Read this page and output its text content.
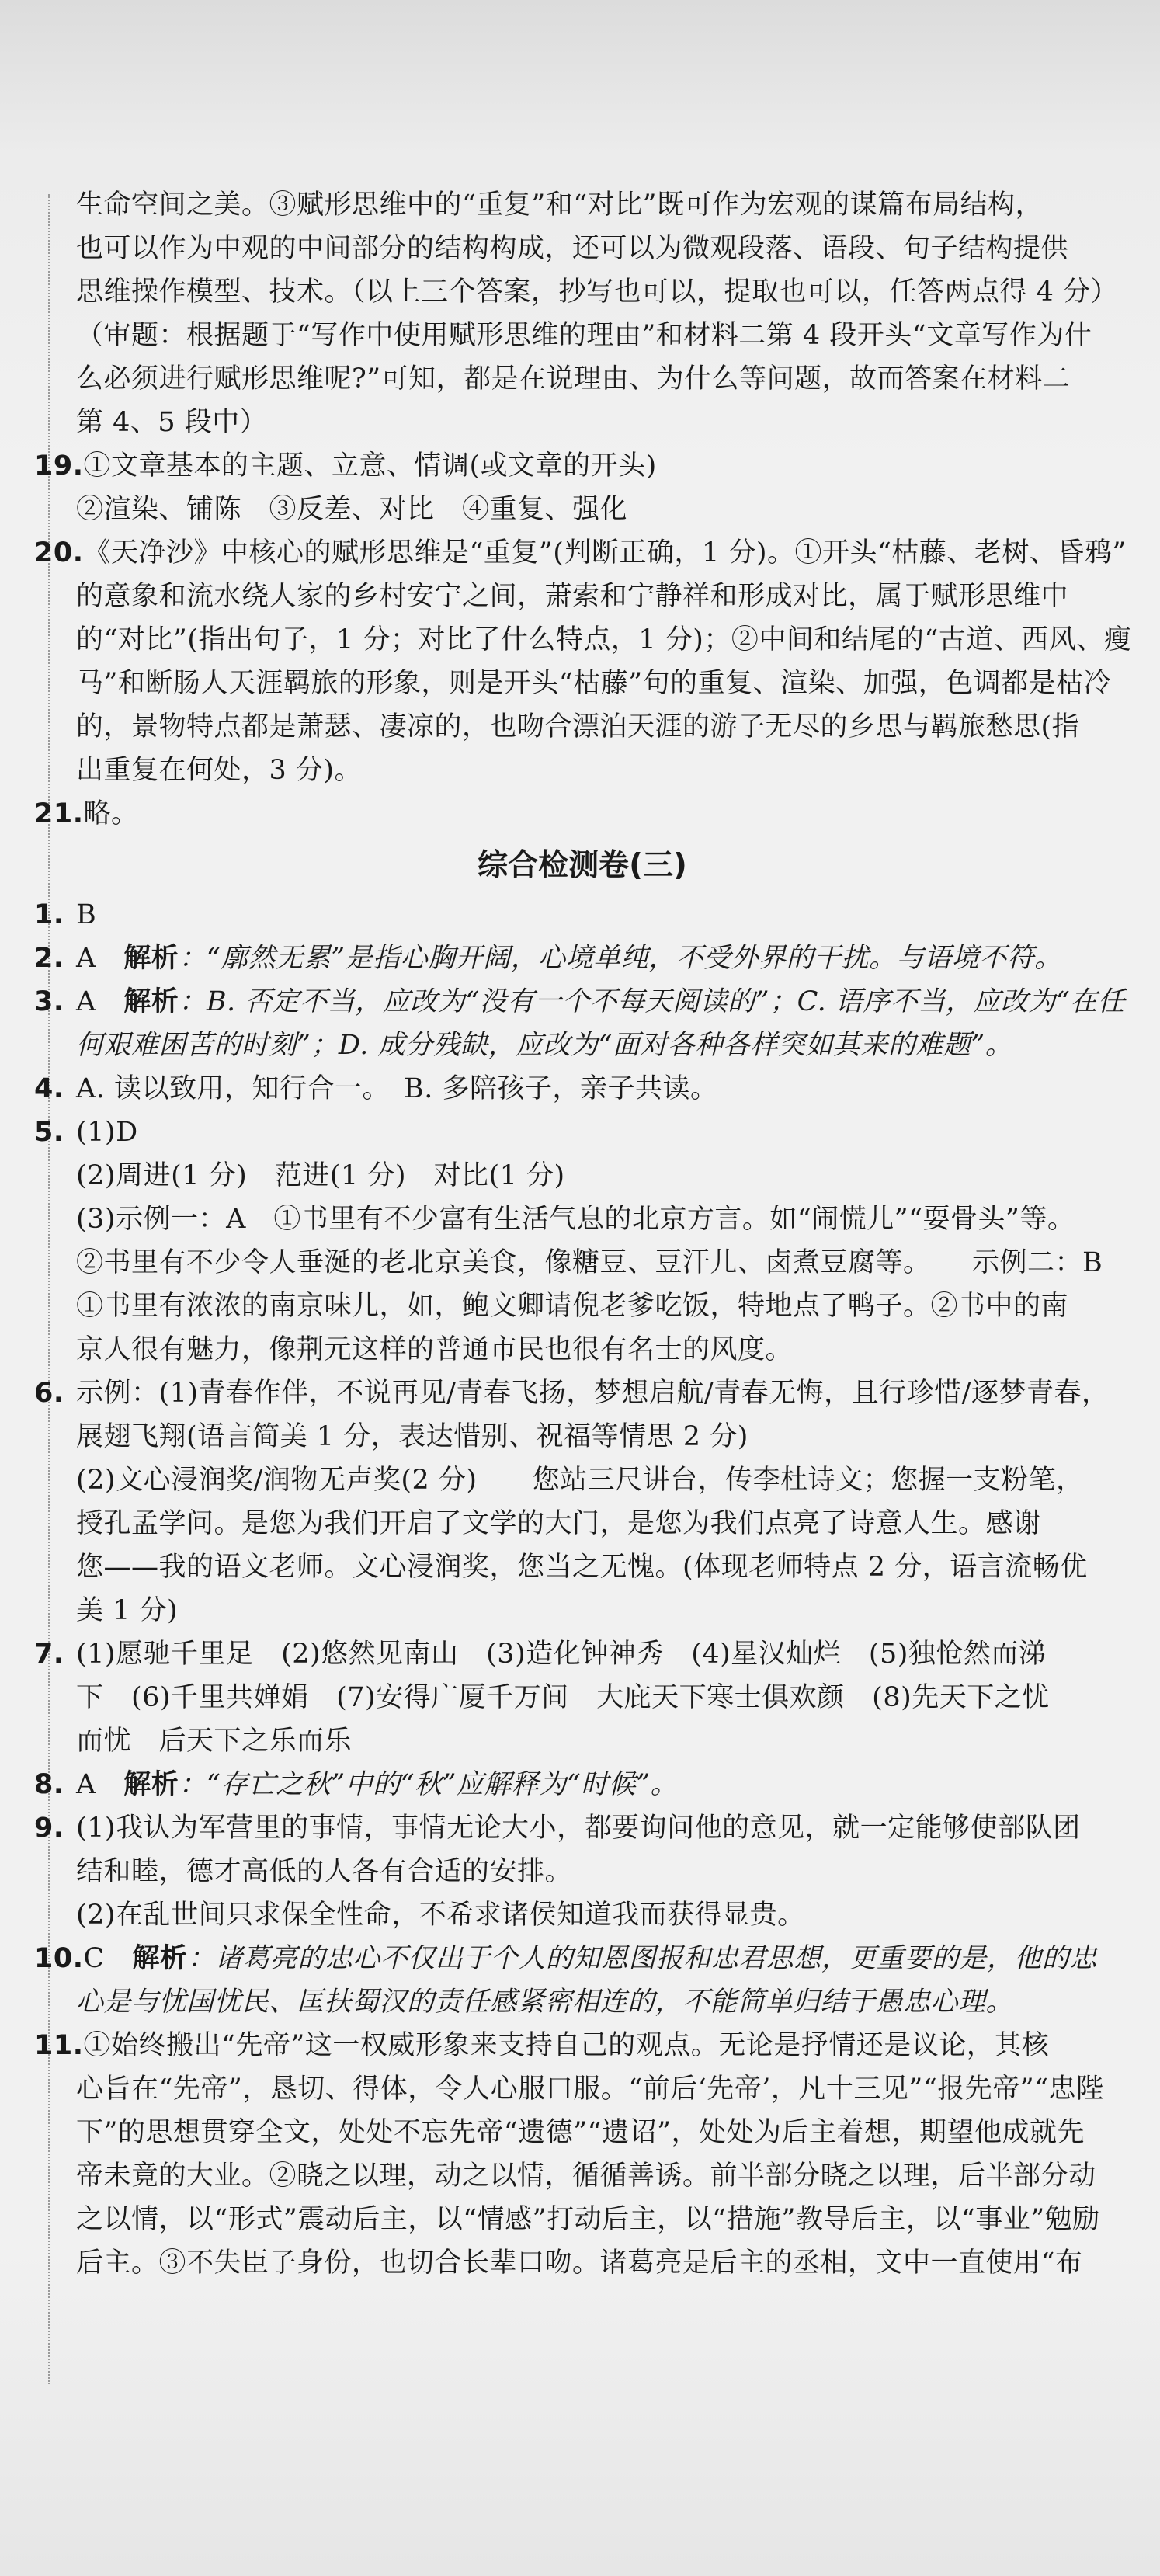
生命空间之美。③赋形思维中的“重复”和“对比”既可作为宏观的谋篇布局结构，
也可以作为中观的中间部分的结构构成，还可以为微观段落、语段、句子结构提供
思维操作模型、技术。（以上三个答案，抄写也可以，提取也可以，任答两点得 4 分）
（审题：根据题于“写作中使用赋形思维的理由”和材料二第 4 段开头“文章写作为什
么必须进行赋形思维呢?”可知，都是在说理由、为什么等问题，故而答案在材料二
第 4、5 段中）
19.①文章基本的主题、立意、情调(或文章的开头)
②渲染、铺陈　③反差、对比　④重复、强化
20.《天净沙》中核心的赋形思维是“重复”(判断正确，1 分)。①开头“枯藤、老树、昏鸦”
的意象和流水绕人家的乡村安宁之间，萧索和宁静祥和形成对比，属于赋形思维中
的“对比”(指出句子，1 分；对比了什么特点，1 分)；②中间和结尾的“古道、西风、瘦
马”和断肠人天涯羁旅的形象，则是开头“枯藤”句的重复、渲染、加强，色调都是枯冷
的，景物特点都是萧瑟、凄凉的，也吻合漂泊天涯的游子无尽的乡思与羁旅愁思(指
出重复在何处，3 分)。
21.略。
综合检测卷(三)
1. B
2. A　 解析：“廓然无累”是指心胸开阔，心境单纯，不受外界的干扰。与语境不符。
3. A　 解析：B. 否定不当，应改为“没有一个不每天阅读的”；C. 语序不当，应改为“在任
何艰难困苦的时刻”；D. 成分残缺，应改为“面对各种各样突如其来的难题”。
4. A. 读以致用，知行合一。　B. 多陪孩子，亲子共读。
5. (1)D
(2)周进(1 分)　范进(1 分)　对比(1 分)
(3)示例一：A　①书里有不少富有生活气息的北京方言。如“闹慌儿”“耍骨头”等。
②书里有不少令人垂涎的老北京美食，像糖豆、豆汗儿、卤煮豆腐等。　　示例二：B
①书里有浓浓的南京味儿，如，鲍文卿请倪老爹吃饭，特地点了鸭子。②书中的南
京人很有魅力，像荆元这样的普通市民也很有名士的风度。
6. 示例：(1)青春作伴，不说再见/青春飞扬，梦想启航/青春无悔，且行珍惜/逐梦青春，
展翅飞翔(语言简美 1 分，表达惜别、祝福等情思 2 分)
(2)文心浸润奖/润物无声奖(2 分)　　您站三尺讲台，传李杜诗文；您握一支粉笔，
授孔孟学问。是您为我们开启了文学的大门，是您为我们点亮了诗意人生。感谢
您——我的语文老师。文心浸润奖，您当之无愧。(体现老师特点 2 分，语言流畅优
美 1 分)
7. (1)愿驰千里足　(2)悠然见南山　(3)造化钟神秀　(4)星汉灿烂　(5)独怆然而涕
下　(6)千里共婵娟　(7)安得广厦千万间　大庇天下寒士俱欢颜　(8)先天下之忧
而忧　后天下之乐而乐
8. A　 解析：“存亡之秋”中的“秋”应解释为“时候”。
9. (1)我认为军营里的事情，事情无论大小，都要询问他的意见，就一定能够使部队团
结和睦，德才高低的人各有合适的安排。
(2)在乱世间只求保全性命，不希求诸侯知道我而获得显贵。
10.C　 解析：诸葛亮的忠心不仅出于个人的知恩图报和忠君思想，更重要的是，他的忠
心是与忧国忧民、匡扶蜀汉的责任感紧密相连的，不能简单归结于愚忠心理。
11.①始终搬出“先帝”这一权威形象来支持自己的观点。无论是抒情还是议论，其核
心旨在“先帝”，恳切、得体，令人心服口服。“前后‘先帝’，凡十三见”“报先帝”“忠陛
下”的思想贯穿全文，处处不忘先帝“遗德”“遗诏”，处处为后主着想，期望他成就先
帝未竟的大业。②晓之以理，动之以情，循循善诱。前半部分晓之以理，后半部分动
之以情，以“形式”震动后主，以“情感”打动后主，以“措施”教导后主，以“事业”勉励
后主。③不失臣子身份，也切合长辈口吻。诸葛亮是后主的丞相，文中一直使用“布
